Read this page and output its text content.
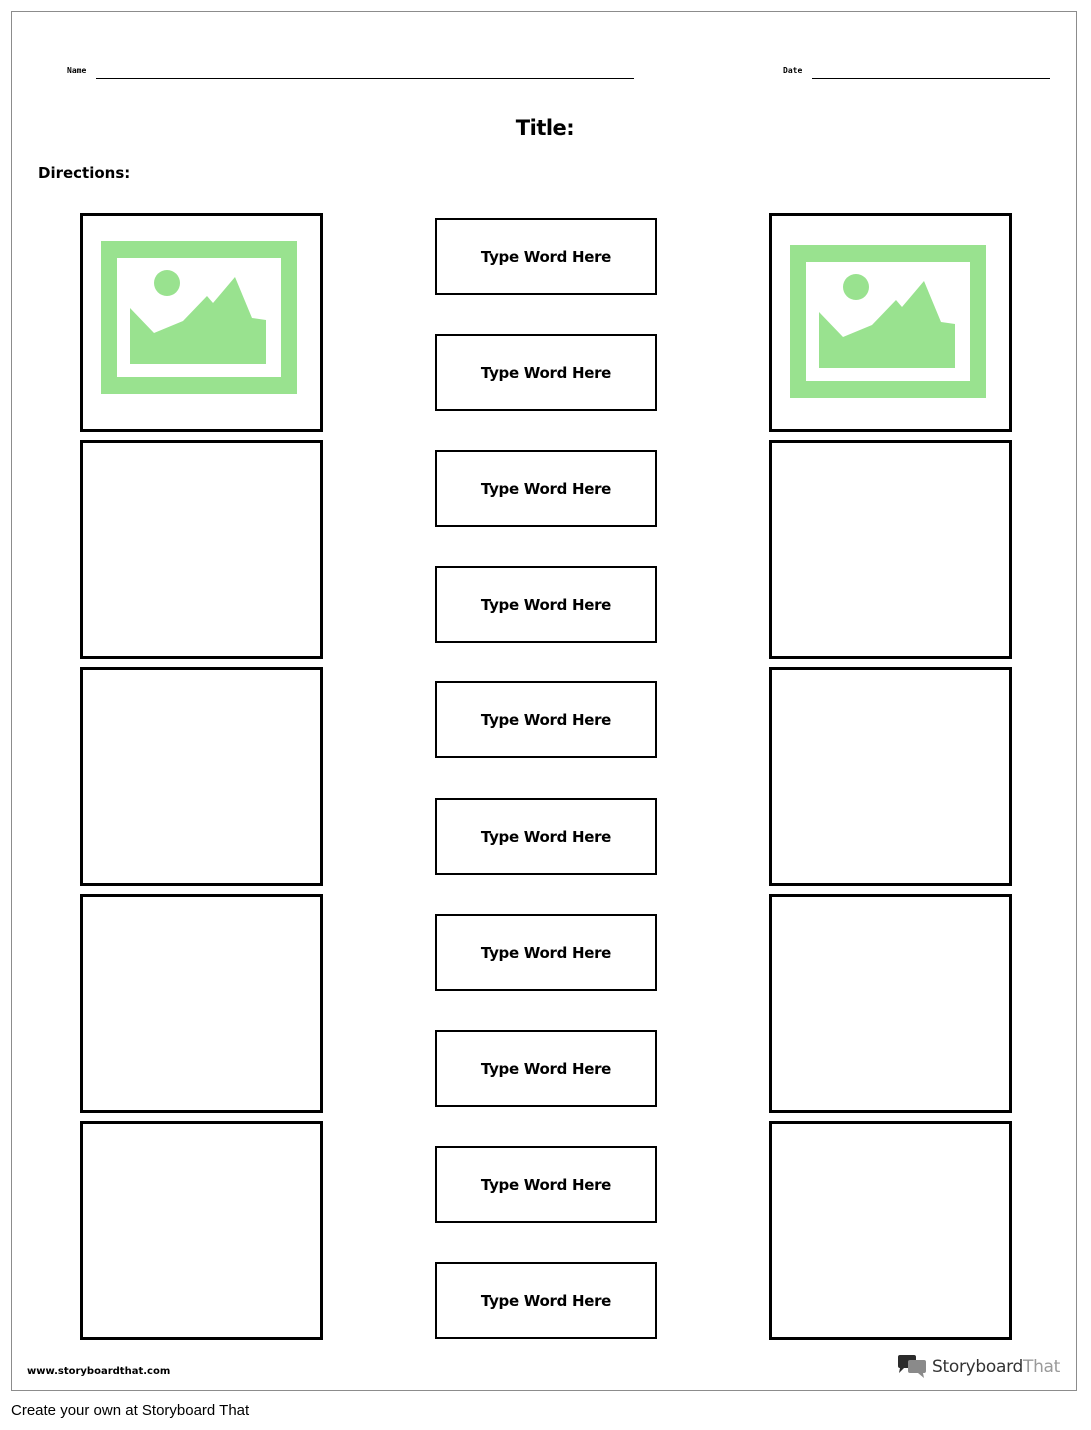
Name	Date
Title:
Directions:
Type Word Here
Type Word Here
Type Word Here
Type Word Here
Type Word Here
Type Word Here
Type Word Here
Type Word Here
Type Word Here
Type Word Here
www.storyboardthat.com	StoryboardThat
Create your own at Storyboard That
